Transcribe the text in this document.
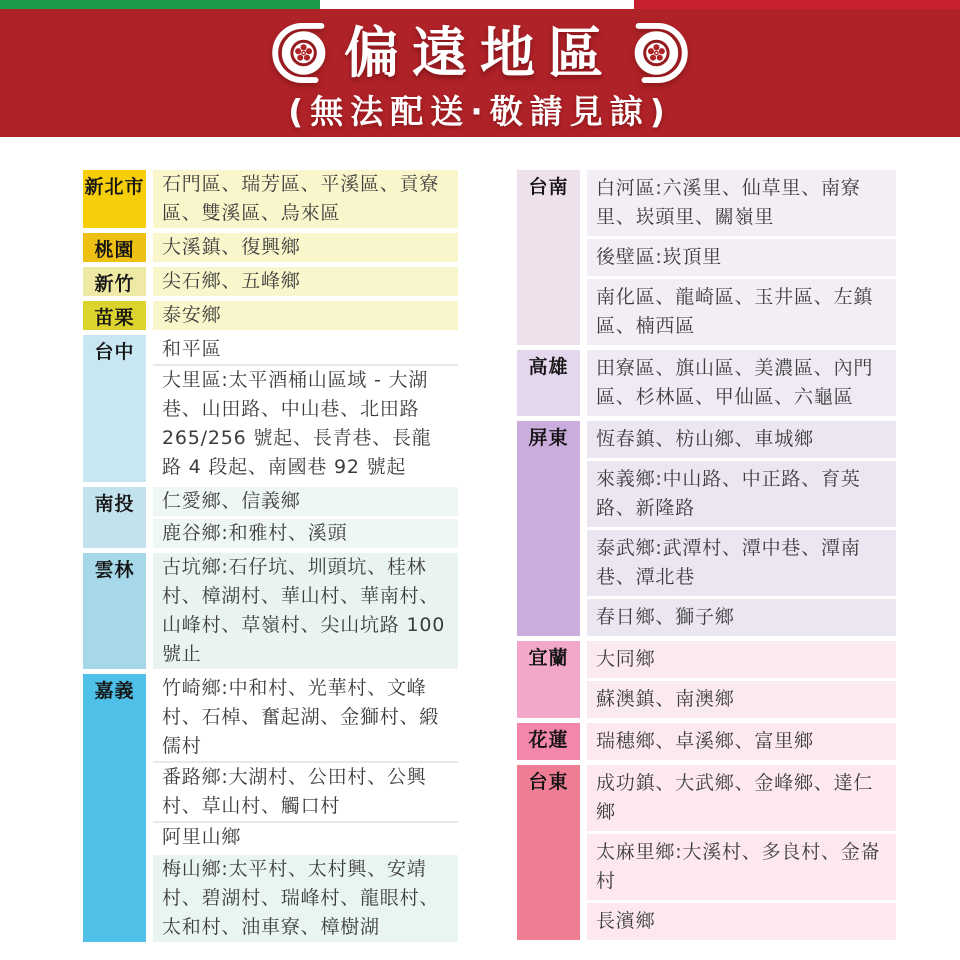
偏遠地區
(無法配送·敬請見諒)
新北市 石門區、瑞芳區、平溪區、貢寮區、雙溪區、烏來區
桃園	大溪鎮、復興鄉
新竹	尖石鄉、五峰鄉
苗栗	泰安鄉
台中	和平區
大里區:太平酒桶山區域 - 大湖巷、山田路、中山巷、北田路 265/256 號起、長青巷、長龍路 4 段起、南國巷 92 號起
南投	仁愛鄉、信義鄉
鹿谷鄉:和雅村、溪頭
雲林	古坑鄉:石仔坑、圳頭坑、桂林村、樟湖村、華山村、華南村、山峰村、草嶺村、尖山坑路 100 號止
嘉義	竹崎鄉:中和村、光華村、文峰村、石棹、奮起湖、金獅村、緞儒村
番路鄉:大湖村、公田村、公興村、草山村、觸口村
阿里山鄉
梅山鄉:太平村、太村興、安靖村、碧湖村、瑞峰村、龍眼村、太和村、油車寮、樟樹湖
台南	白河區:六溪里、仙草里、南寮里、崁頭里、關嶺里
後壁區:崁頂里
南化區、龍崎區、玉井區、左鎮區、楠西區
高雄	田寮區、旗山區、美濃區、內門區、杉林區、甲仙區、六龜區
屏東	恆春鎮、枋山鄉、車城鄉
來義鄉:中山路、中正路、育英路、新隆路
泰武鄉:武潭村、潭中巷、潭南巷、潭北巷
春日鄉、獅子鄉
宜蘭	大同鄉
蘇澳鎮、南澳鄉
花蓮	瑞穗鄉、卓溪鄉、富里鄉
台東	成功鎮、大武鄉、金峰鄉、達仁鄉
太麻里鄉:大溪村、多良村、金崙村
長濱鄉
